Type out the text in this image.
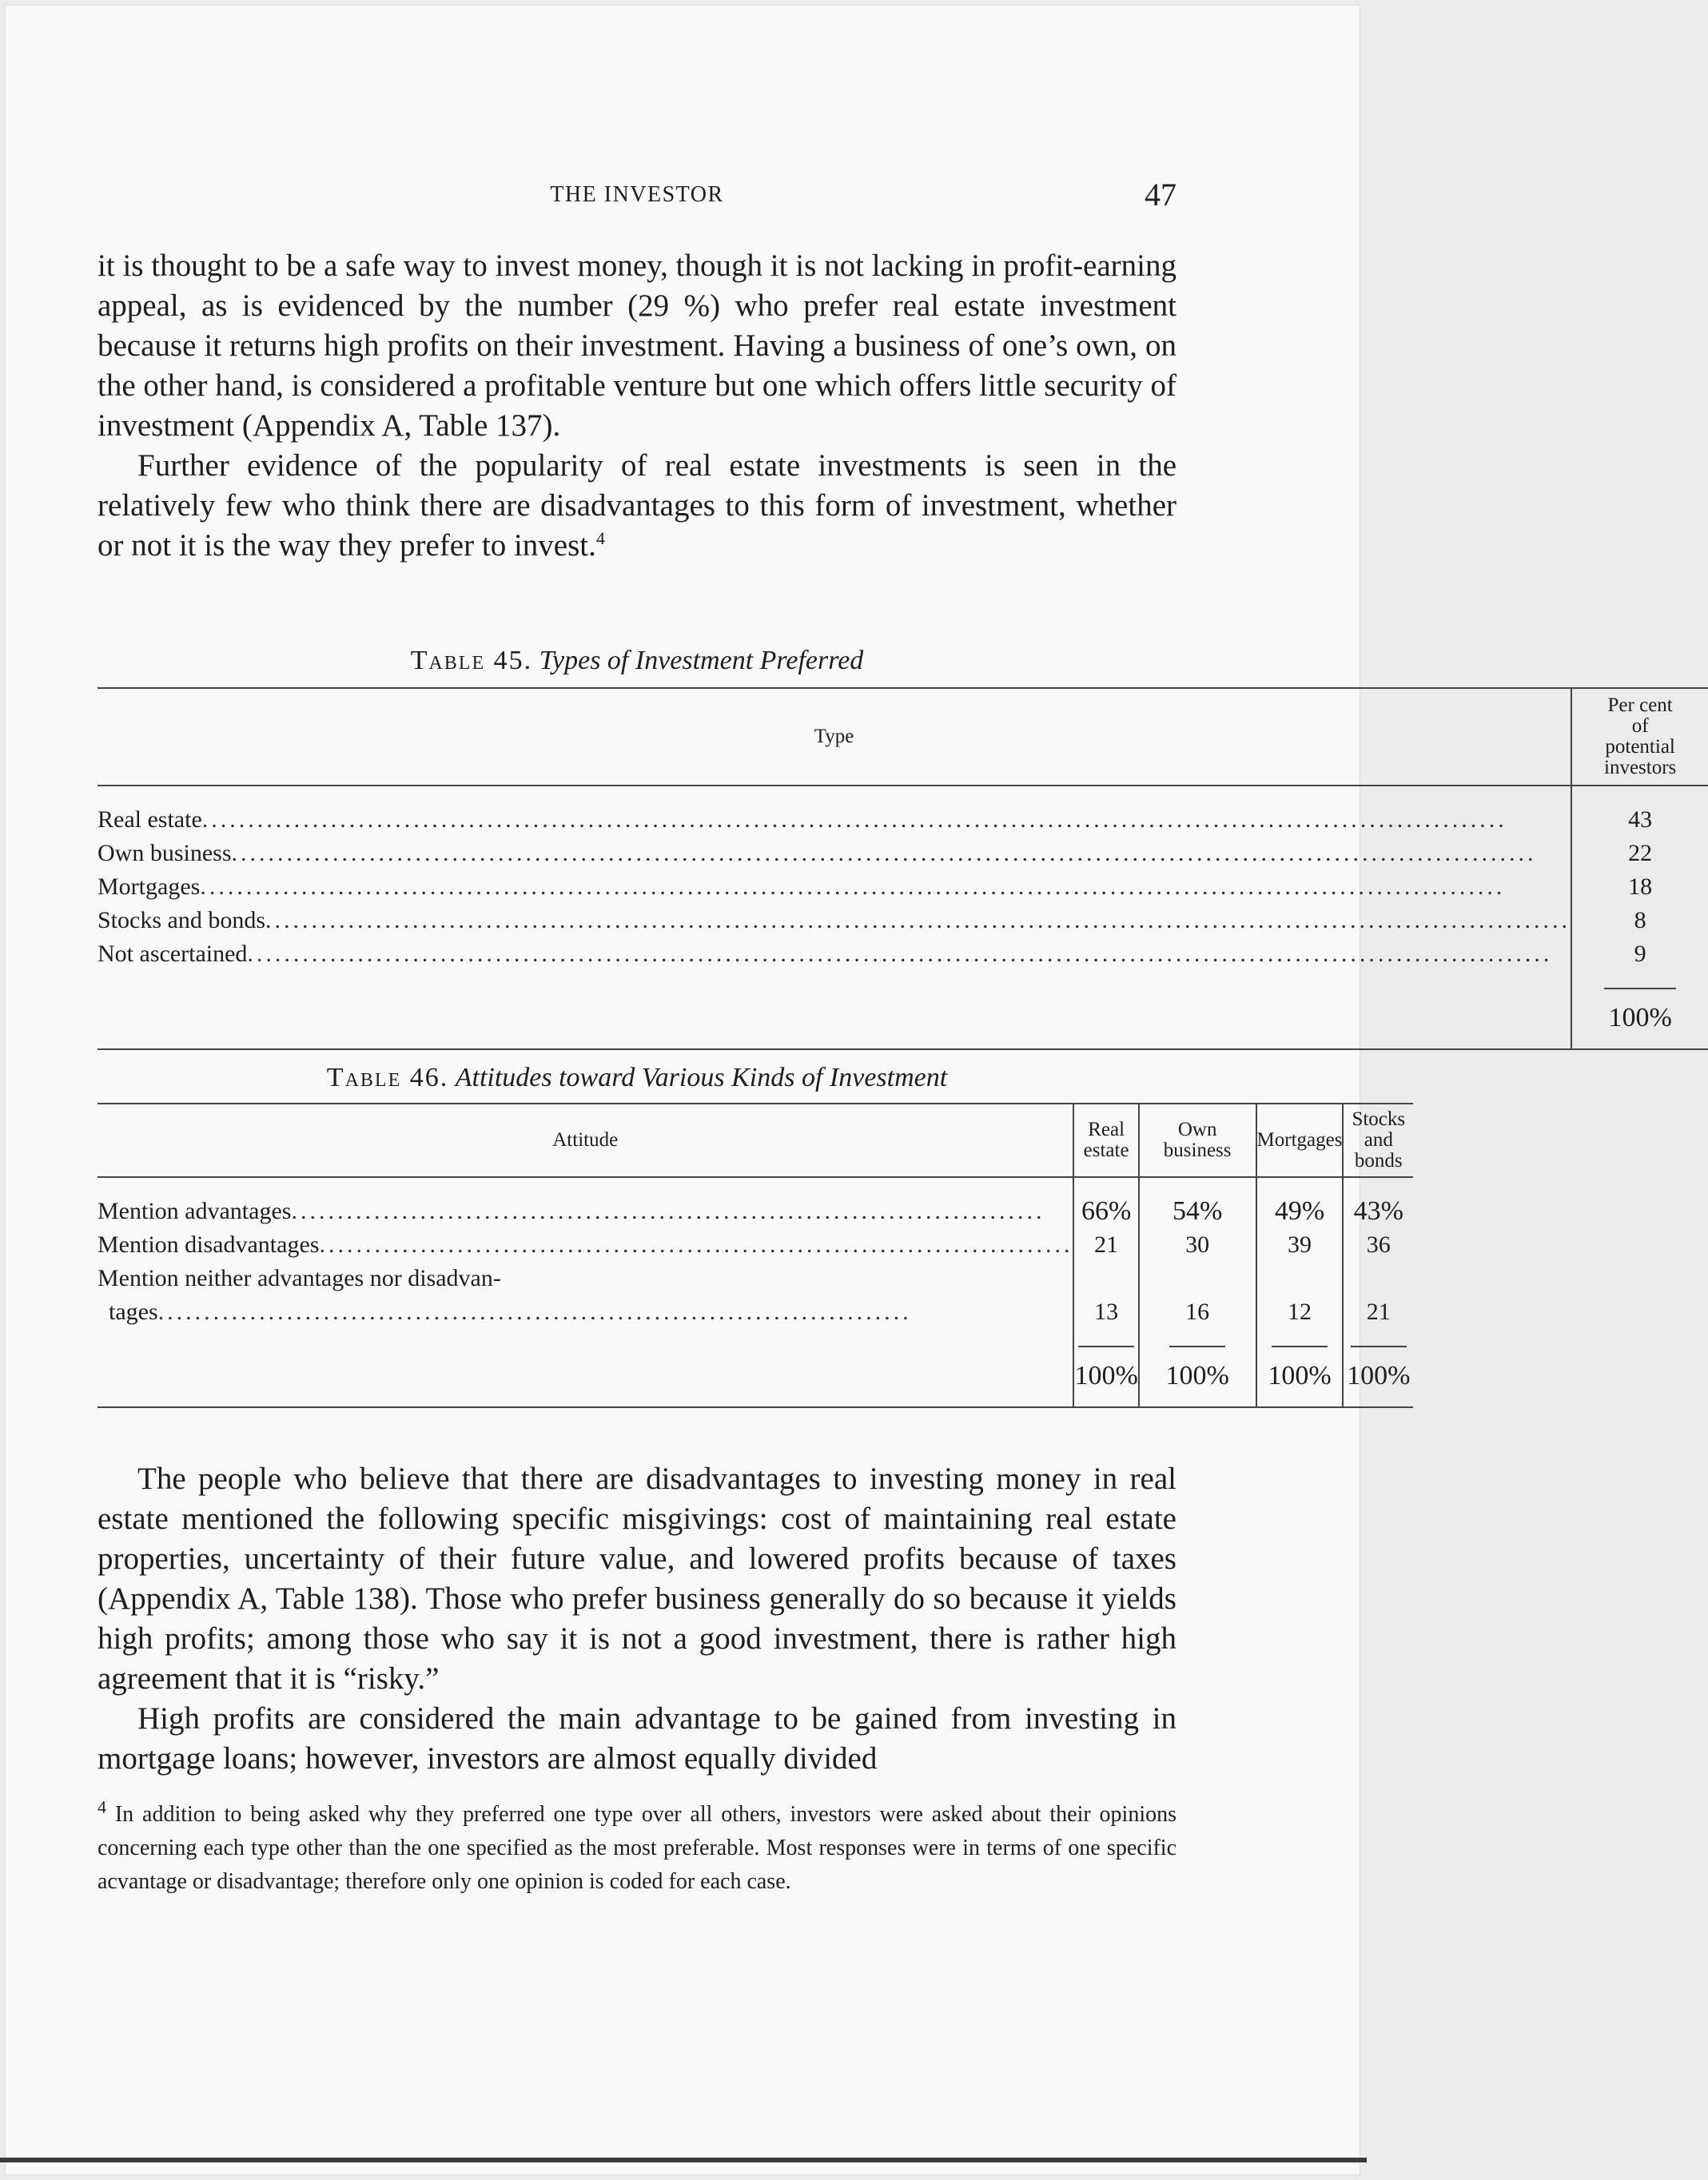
THE INVESTOR	47

it is thought to be a safe way to invest money, though it is not lacking in profit-earning appeal, as is evidenced by the number (29 %) who prefer real estate investment because it returns high profits on their investment. Having a business of one’s own, on the other hand, is considered a profitable venture but one which offers little security of investment (Appendix A, Table 137).

Further evidence of the popularity of real estate investments is seen in the relatively few who think there are disadvantages to this form of investment, whether or not it is the way they prefer to invest.$^4$

Table 45. Types of Investment Preferred
Type	Per cent of potential investors

Real estate..............................................................................................................................................	43
Own business..............................................................................................................................................	22
Mortgages..............................................................................................................................................	18
Stocks and bonds..............................................................................................................................................	8
Not ascertained..............................................................................................................................................	9

	100%
Table 46. Attitudes toward Various Kinds of Investment
Attitude	Real estate	Own business	Mortgages	Stocks and bonds

Mention advantages..................................................................................	66%	54%	49%	43%
Mention disadvantages..................................................................................	21	30	39	36
Mention neither advantages nor disadvan-				
tages..................................................................................	13	16	12	21

	100%	100%	100%	100%

The people who believe that there are disadvantages to investing money in real estate mentioned the following specific misgivings: cost of maintaining real estate properties, uncertainty of their future value, and lowered profits because of taxes (Appendix A, Table 138). Those who prefer business generally do so because it yields high profits; among those who say it is not a good investment, there is rather high agreement that it is “risky.”

High profits are considered the main advantage to be gained from investing in mortgage loans; however, investors are almost equally divided

$^4$ In addition to being asked why they preferred one type over all others, investors were asked about their opinions concerning each type other than the one specified as the most preferable. Most responses were in terms of one specific acvantage or disadvantage; therefore only one opinion is coded for each case.
